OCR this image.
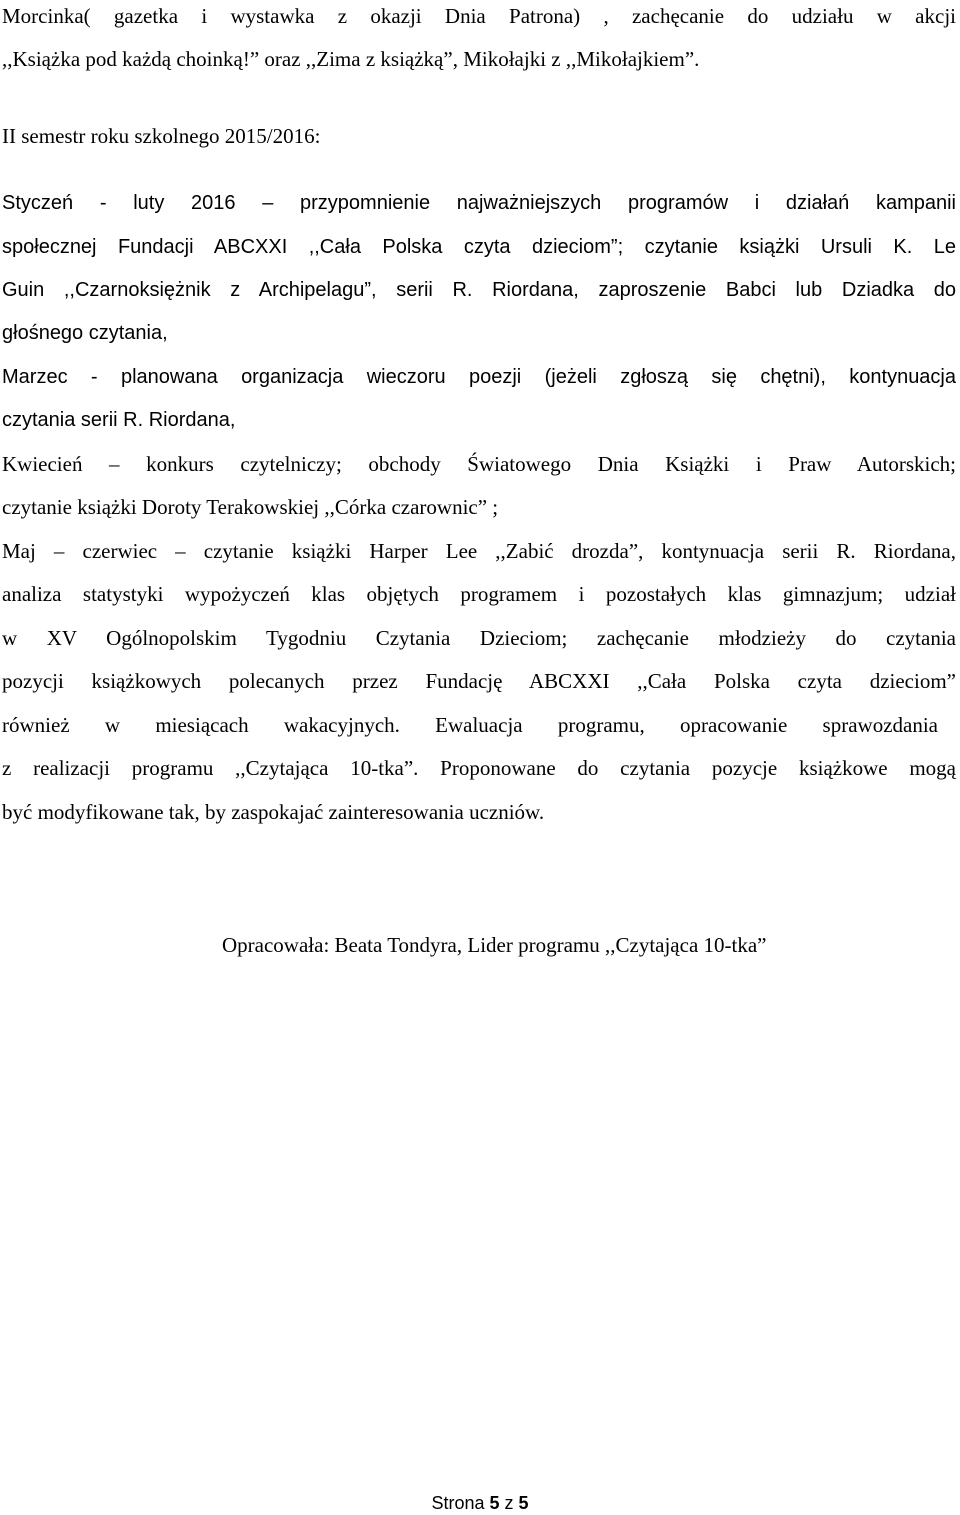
Morcinka( gazetka i wystawka z okazji Dnia Patrona) , zachęcanie do udziału w akcji
,,Książka pod każdą choinką!” oraz ,,Zima z książką”, Mikołajki z ,,Mikołajkiem”.
II semestr roku szkolnego 2015/2016:
Styczeń - luty 2016 – przypomnienie najważniejszych programów i działań kampanii
społecznej Fundacji ABCXXI ,,Cała Polska czyta dzieciom”; czytanie książki Ursuli K. Le
Guin ,,Czarnoksiężnik z Archipelagu”, serii R. Riordana, zaproszenie Babci lub Dziadka do
głośnego czytania,
Marzec - planowana organizacja wieczoru poezji (jeżeli zgłoszą się chętni), kontynuacja
czytania serii R. Riordana,
Kwiecień – konkurs czytelniczy; obchody Światowego Dnia Książki i Praw Autorskich;
czytanie książki Doroty Terakowskiej ,,Córka czarownic” ;
Maj – czerwiec – czytanie książki Harper Lee ,,Zabić drozda”, kontynuacja serii R. Riordana,
analiza statystyki wypożyczeń klas objętych programem i pozostałych klas gimnazjum; udział
w XV Ogólnopolskim Tygodniu Czytania Dzieciom; zachęcanie młodzieży do czytania
pozycji książkowych polecanych przez Fundację ABCXXI ,,Cała Polska czyta dzieciom”
również w miesiącach wakacyjnych. Ewaluacja programu, opracowanie sprawozdania
z realizacji programu ,,Czytająca 10-tka”. Proponowane do czytania pozycje książkowe mogą
być modyfikowane tak, by zaspokajać zainteresowania uczniów.
Opracowała: Beata Tondyra, Lider programu ,,Czytająca 10-tka”
Strona 5 z 5
